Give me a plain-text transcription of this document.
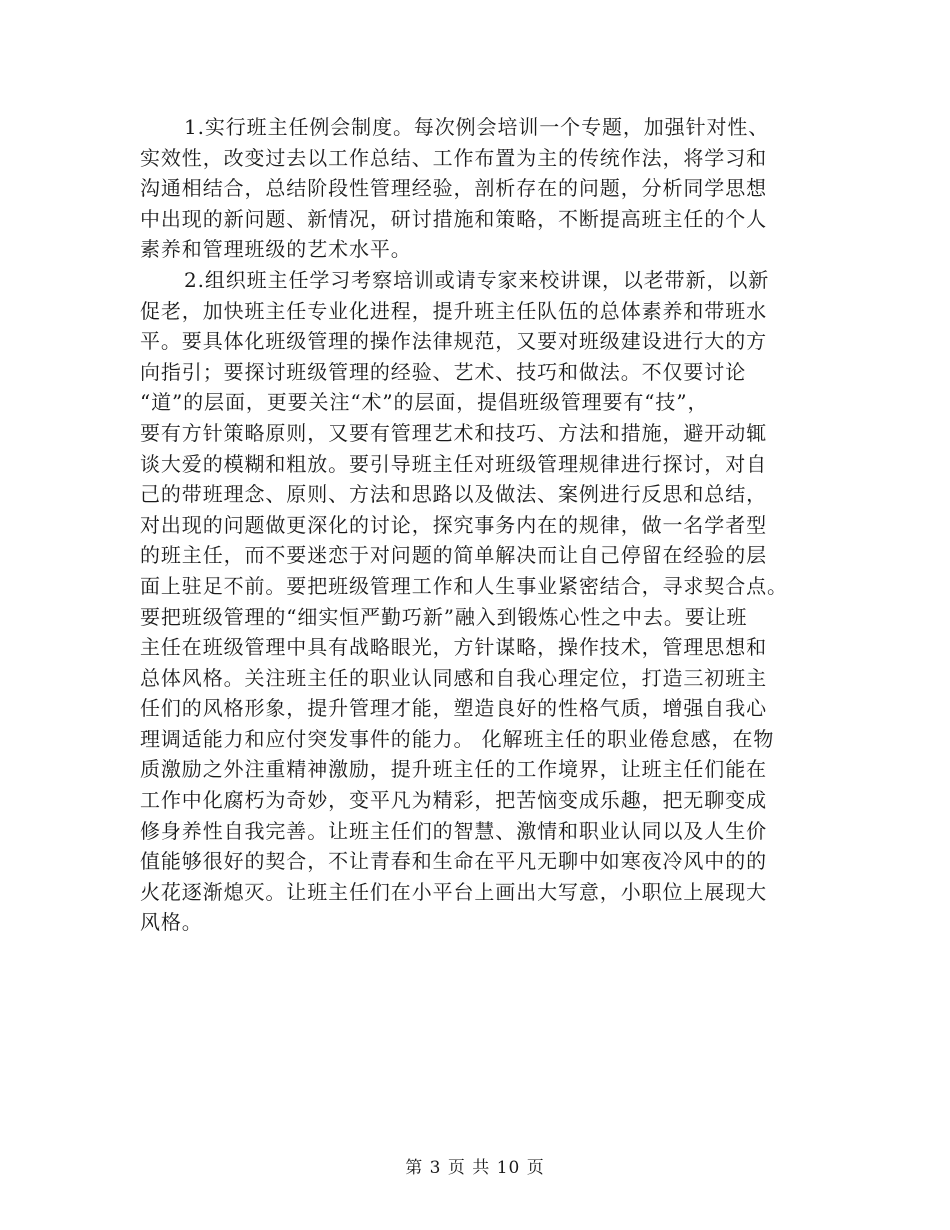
1.实行班主任例会制度。每次例会培训一个专题，加强针对性、
实效性，改变过去以工作总结、工作布置为主的传统作法，将学习和
沟通相结合，总结阶段性管理经验，剖析存在的问题，分析同学思想
中出现的新问题、新情况，研讨措施和策略，不断提高班主任的个人
素养和管理班级的艺术水平。
2.组织班主任学习考察培训或请专家来校讲课，以老带新，以新
促老，加快班主任专业化进程，提升班主任队伍的总体素养和带班水
平。要具体化班级管理的操作法律规范，又要对班级建设进行大的方
向指引；要探讨班级管理的经验、艺术、技巧和做法。不仅要讨论
“道”的层面，更要关注“术”的层面，提倡班级管理要有“技”，
要有方针策略原则，又要有管理艺术和技巧、方法和措施，避开动辄
谈大爱的模糊和粗放。要引导班主任对班级管理规律进行探讨，对自
己的带班理念、原则、方法和思路以及做法、案例进行反思和总结，
对出现的问题做更深化的讨论，探究事务内在的规律，做一名学者型
的班主任，而不要迷恋于对问题的简单解决而让自己停留在经验的层
面上驻足不前。要把班级管理工作和人生事业紧密结合，寻求契合点。
要把班级管理的“细实恒严勤巧新”融入到锻炼心性之中去。要让班
主任在班级管理中具有战略眼光，方针谋略，操作技术，管理思想和
总体风格。关注班主任的职业认同感和自我心理定位，打造三初班主
任们的风格形象，提升管理才能，塑造良好的性格气质，增强自我心
理调适能力和应付突发事件的能力。 化解班主任的职业倦怠感，在物
质激励之外注重精神激励，提升班主任的工作境界，让班主任们能在
工作中化腐朽为奇妙，变平凡为精彩，把苦恼变成乐趣，把无聊变成
修身养性自我完善。让班主任们的智慧、激情和职业认同以及人生价
值能够很好的契合，不让青春和生命在平凡无聊中如寒夜冷风中的的
火花逐渐熄灭。让班主任们在小平台上画出大写意，小职位上展现大
风格。
第 3 页 共 10 页
